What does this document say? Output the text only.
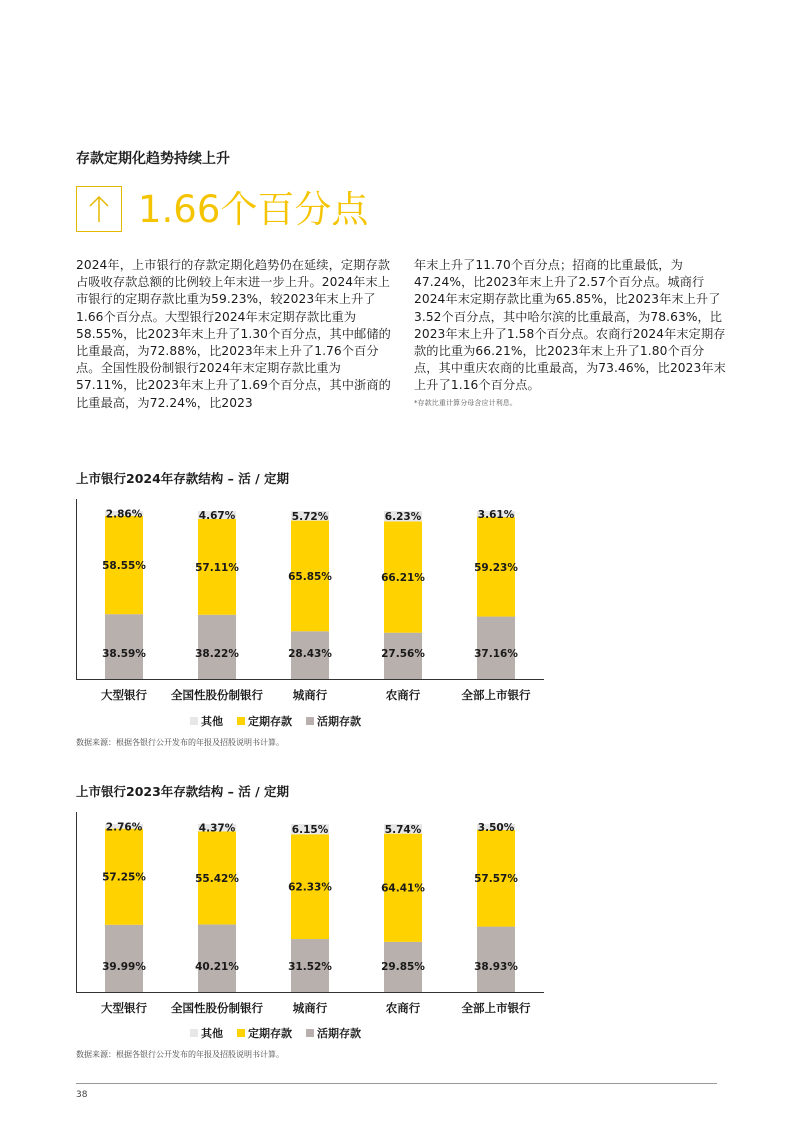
存款定期化趋势持续上升
1.66个百分点

2024年，上市银行的存款定期化趋势仍在延续，定期存款占吸收存款总额的比例较上年末进一步上升。2024年末上市银行的定期存款比重为59.23%，较2023年末上升了1.66个百分点。大型银行2024年末定期存款比重为58.55%，比2023年末上升了1.30个百分点，其中邮储的比重最高，为72.88%，比2023年末上升了1.76个百分点。全国性股份制银行2024年末定期存款比重为57.11%，比2023年末上升了1.69个百分点，其中浙商的比重最高，为72.24%，比2023

年末上升了11.70个百分点；招商的比重最低，为47.24%，比2023年末上升了2.57个百分点。城商行2024年末定期存款比重为65.85%，比2023年末上升了3.52个百分点，其中哈尔滨的比重最高，为78.63%，比2023年末上升了1.58个百分点。农商行2024年末定期存款的比重为66.21%，比2023年末上升了1.80个百分点，其中重庆农商的比重最高，为73.46%，比2023年末上升了1.16个百分点。

*存款比重计算分母含应计利息。

上市银行2024年存款结构 – 活 / 定期
38.59%
58.55%
2.86%
大型银行
38.22%
57.11%
4.67%
全国性股份制银行
28.43%
65.85%
5.72%
城商行
27.56%
66.21%
6.23%
农商行
37.16%
59.23%
3.61%
全部上市银行
其他 定期存款 活期存款
数据来源：根据各银行公开发布的年报及招股说明书计算。
上市银行2023年存款结构 – 活 / 定期
39.99%
57.25%
2.76%
大型银行
40.21%
55.42%
4.37%
全国性股份制银行
31.52%
62.33%
6.15%
城商行
29.85%
64.41%
5.74%
农商行
38.93%
57.57%
3.50%
全部上市银行
其他 定期存款 活期存款
数据来源：根据各银行公开发布的年报及招股说明书计算。
38
